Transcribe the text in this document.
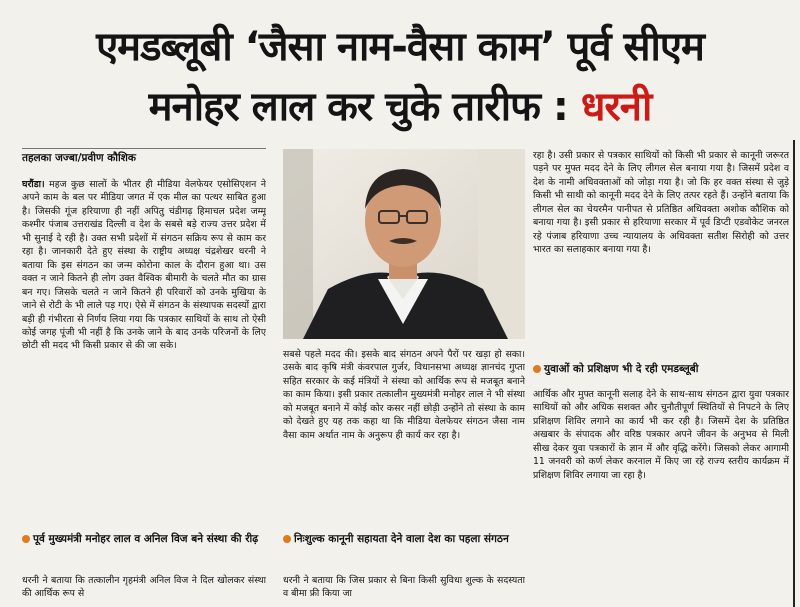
एमडब्लूबी ‘जैसा नाम-वैसा काम’ पूर्व सीएम
मनोहर लाल कर चुके तारीफ : धरनी
तहलका जज्बा/प्रवीण कौशिक

घरौंडा। महज कुछ सालों के भीतर ही मीडिया वेलफेयर एसोसिएशन ने अपने काम के बल पर मीडिया जगत में एक मील का पत्थर साबित हुआ है। जिसकी गूंज हरियाणा ही नहीं अपितु चंडीगढ़ हिमाचल प्रदेश जम्मू कश्मीर पंजाब उत्तराखंड दिल्ली व देश के सबसे बड़े राज्य उत्तर प्रदेश में भी सुनाई दे रही है। उक्त सभी प्रदेशों में संगठन सक्रिय रूप से काम कर रहा है। जानकारी देते हुए संस्था के राष्ट्रीय अध्यक्ष चंद्रशेखर धरनी ने बताया कि इस संगठन का जन्म कोरोना काल के दौरान हुआ था। उस वक्त न जाने कितने ही लोग उक्त वैश्विक बीमारी के चलते मौत का ग्रास बन गए। जिसके चलते न जाने कितने ही परिवारों को उनके मुखिया के जाने से रोटी के भी लाले पड़ गए। ऐसे में संगठन के संस्थापक सदस्यों द्वारा बड़ी ही गंभीरता से निर्णय लिया गया कि पत्रकार साथियों के साथ तो ऐसी कोई जगह पूंजी भी नहीं है कि उनके जाने के बाद उनके परिजनों के लिए छोटी सी मदद भी किसी प्रकार से की जा सके।

पूर्व मुख्यमंत्री मनोहर लाल व अनिल विज बने संस्था की रीढ़

धरनी ने बताया कि तत्कालीन गृहमंत्री अनिल विज ने दिल खोलकर संस्था की आर्थिक रूप से

सबसे पहले मदद की। इसके बाद संगठन अपने पैरों पर खड़ा हो सका। उसके बाद कृषि मंत्री कंवरपाल गुर्जर, विधानसभा अध्यक्ष ज्ञानचंद गुप्ता सहित सरकार के कई मंत्रियों ने संस्था को आर्थिक रूप से मजबूत बनाने का काम किया। इसी प्रकार तत्कालीन मुख्यमंत्री मनोहर लाल ने भी संस्था को मजबूत बनाने में कोई कोर कसर नहीं छोड़ी उन्होंने तो संस्था के काम को देखते हुए यह तक कहा था कि मीडिया वेलफेयर संगठन जैसा नाम वैसा काम अर्थात नाम के अनुरूप ही कार्य कर रहा है।

निःशुल्क कानूनी सहायता देने वाला देश का पहला संगठन

धरनी ने बताया कि जिस प्रकार से बिना किसी सुविधा शुल्क के सदस्यता व बीमा फ्री किया जा

रहा है। उसी प्रकार से पत्रकार साथियों को किसी भी प्रकार से कानूनी जरूरत पड़ने पर मुफ्त मदद देने के लिए लीगल सेल बनाया गया है। जिसमें प्रदेश व देश के नामी अधिवक्ताओं को जोड़ा गया है। जो कि हर वक्त संस्था से जुड़े किसी भी साथी को कानूनी मदद देने के लिए तत्पर रहते हैं। उन्होंने बताया कि लीगल सेल का चेयरमैन पानीपत से प्रतिष्ठित अधिवक्ता अशोक कौशिक को बनाया गया है। इसी प्रकार से हरियाणा सरकार में पूर्व डिप्टी एडवोकेट जनरल रहे पंजाब हरियाणा उच्च न्यायालय के अधिवक्ता सतीश सिरोही को उत्तर भारत का सलाहकार बनाया गया है।

युवाओं को प्रशिक्षण भी दे रही एमडब्लूबी

आर्थिक और मुफ्त कानूनी सलाह देने के साथ-साथ संगठन द्वारा युवा पत्रकार साथियों को और अधिक सशक्त और चुनौतीपूर्ण स्थितियों से निपटने के लिए प्रशिक्षण शिविर लगाने का कार्य भी कर रही है। जिसमें देश के प्रतिष्ठित अखबार के संपादक और वरिष्ठ पत्रकार अपने जीवन के अनुभव से मिली सीख देकर युवा पत्रकारों के ज्ञान में और वृद्धि करेंगे। जिसको लेकर आगामी 11 जनवरी को कर्ण लेकर करनाल में किए जा रहे राज्य स्तरीय कार्यक्रम में प्रशिक्षण शिविर लगाया जा रहा है।
